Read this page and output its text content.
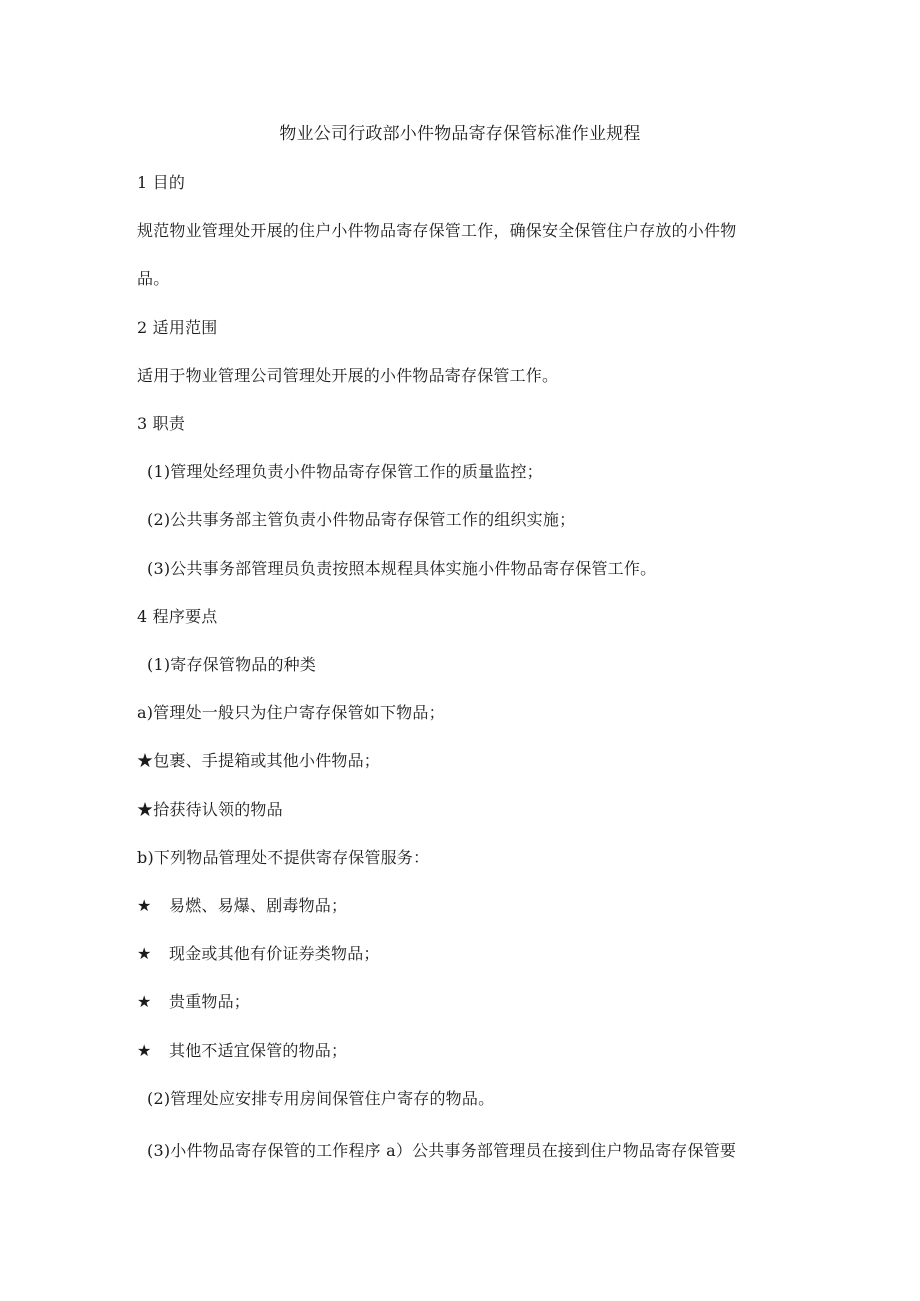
物业公司行政部小件物品寄存保管标准作业规程
1 目的
规范物业管理处开展的住户小件物品寄存保管工作，确保安全保管住户存放的小件物
品。
2 适用范围
适用于物业管理公司管理处开展的小件物品寄存保管工作。
3 职责
(1)管理处经理负责小件物品寄存保管工作的质量监控；
(2)公共事务部主管负责小件物品寄存保管工作的组织实施；
(3)公共事务部管理员负责按照本规程具体实施小件物品寄存保管工作。
4 程序要点
(1)寄存保管物品的种类
a)管理处一般只为住户寄存保管如下物品；
★包裹、手提箱或其他小件物品；
★拾获待认领的物品
b)下列物品管理处不提供寄存保管服务：
★ 易燃、易爆、剧毒物品；
★ 现金或其他有价证券类物品；
★ 贵重物品；
★ 其他不适宜保管的物品；
(2)管理处应安排专用房间保管住户寄存的物品。
(3)小件物品寄存保管的工作程序 a）公共事务部管理员在接到住户物品寄存保管要
